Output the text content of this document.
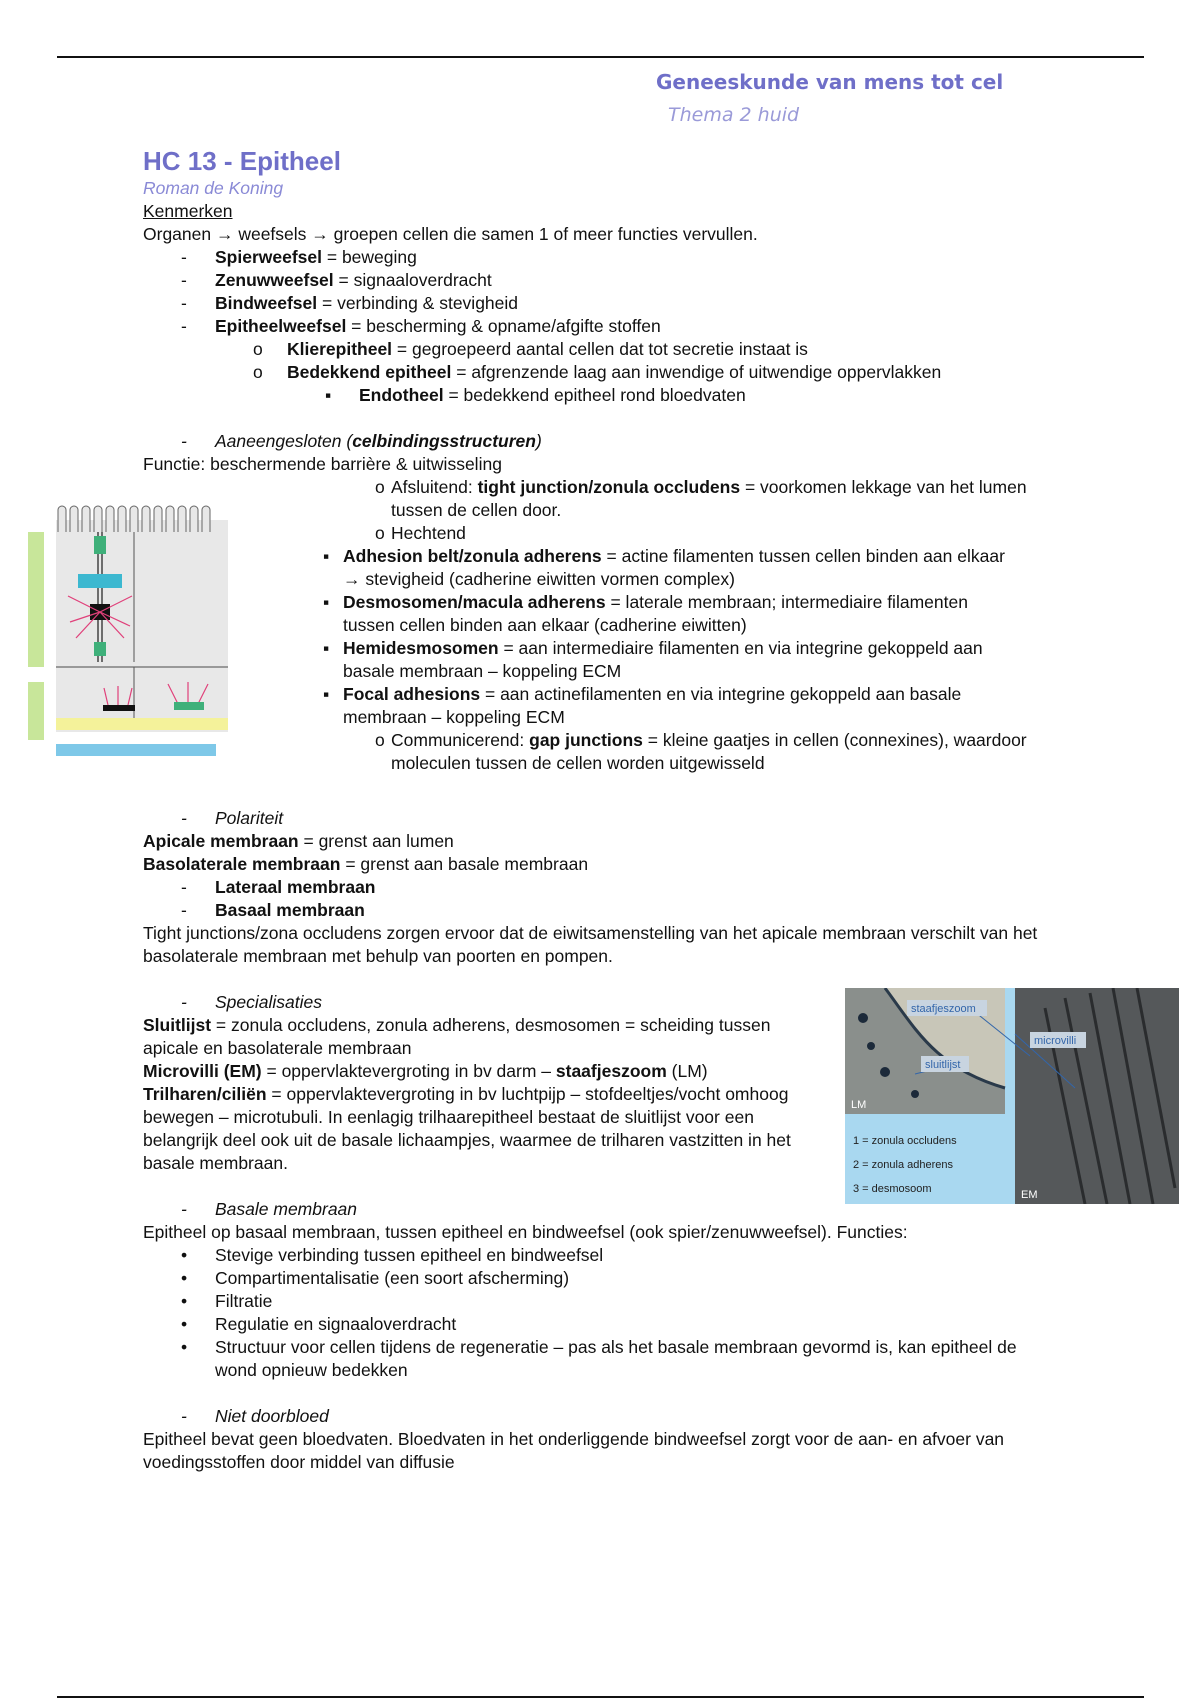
Geneeskunde van mens tot cel
Thema 2 huid
HC 13 - Epitheel
Roman de Koning
Kenmerken
Organen → weefsels → groepen cellen die samen 1 of meer functies vervullen.
-	Spierweefsel = beweging
-	Zenuwweefsel = signaaloverdracht
-	Bindweefsel = verbinding & stevigheid
-	Epitheelweefsel = bescherming & opname/afgifte stoffen
o	Klierepitheel = gegroepeerd aantal cellen dat tot secretie instaat is
o	Bedekkend epitheel = afgrenzende laag aan inwendige of uitwendige oppervlakken
▪	Endotheel = bedekkend epitheel rond bloedvaten
-	Aaneengesloten (celbindingsstructuren)
Functie: beschermende barrière & uitwisseling
o Afsluitend: tight junction/zonula occludens = voorkomen lekkage van het lumen tussen de cellen door.
o Hechtend
▪ Adhesion belt/zonula adherens = actine filamenten tussen cellen binden aan elkaar → stevigheid (cadherine eiwitten vormen complex)
▪ Desmosomen/macula adherens = laterale membraan; intermediaire filamenten tussen cellen binden aan elkaar (cadherine eiwitten)
▪ Hemidesmosomen = aan intermediaire filamenten en via integrine gekoppeld aan basale membraan – koppeling ECM
▪ Focal adhesions = aan actinefilamenten en via integrine gekoppeld aan basale membraan – koppeling ECM
o Communicerend: gap junctions = kleine gaatjes in cellen (connexines), waardoor moleculen tussen de cellen worden uitgewisseld
-	Polariteit
Apicale membraan = grenst aan lumen
Basolaterale membraan = grenst aan basale membraan
-	Lateraal membraan
-	Basaal membraan
Tight junctions/zona occludens zorgen ervoor dat de eiwitsamenstelling van het apicale membraan verschilt van het basolaterale membraan met behulp van poorten en pompen.
-	Specialisaties
Sluitlijst = zonula occludens, zonula adherens, desmosomen = scheiding tussen apicale en basolaterale membraan
Microvilli (EM) = oppervlaktevergroting in bv darm – staafjeszoom (LM)
Trilharen/ciliën = oppervlaktevergroting in bv luchtpijp – stofdeeltjes/vocht omhoog bewegen – microtubuli. In eenlagig trilhaarepitheel bestaat de sluitlijst voor een belangrijk deel ook uit de basale lichaampjes, waarmee de trilharen vastzitten in het basale membraan.
-	Basale membraan
Epitheel op basaal membraan, tussen epitheel en bindweefsel (ook spier/zenuwweefsel). Functies:
•	Stevige verbinding tussen epitheel en bindweefsel
•	Compartimentalisatie (een soort afscherming)
•	Filtratie
•	Regulatie en signaaloverdracht
•	Structuur voor cellen tijdens de regeneratie – pas als het basale membraan gevormd is, kan epitheel de wond opnieuw bedekken
-	Niet doorbloed
Epitheel bevat geen bloedvaten. Bloedvaten in het onderliggende bindweefsel zorgt voor de aan- en afvoer van voedingsstoffen door middel van diffusie
staafjeszoom
microvilli
sluitlijst
LM
EM
1 = zonula occludens
2 = zonula adherens
3 = desmosoom
